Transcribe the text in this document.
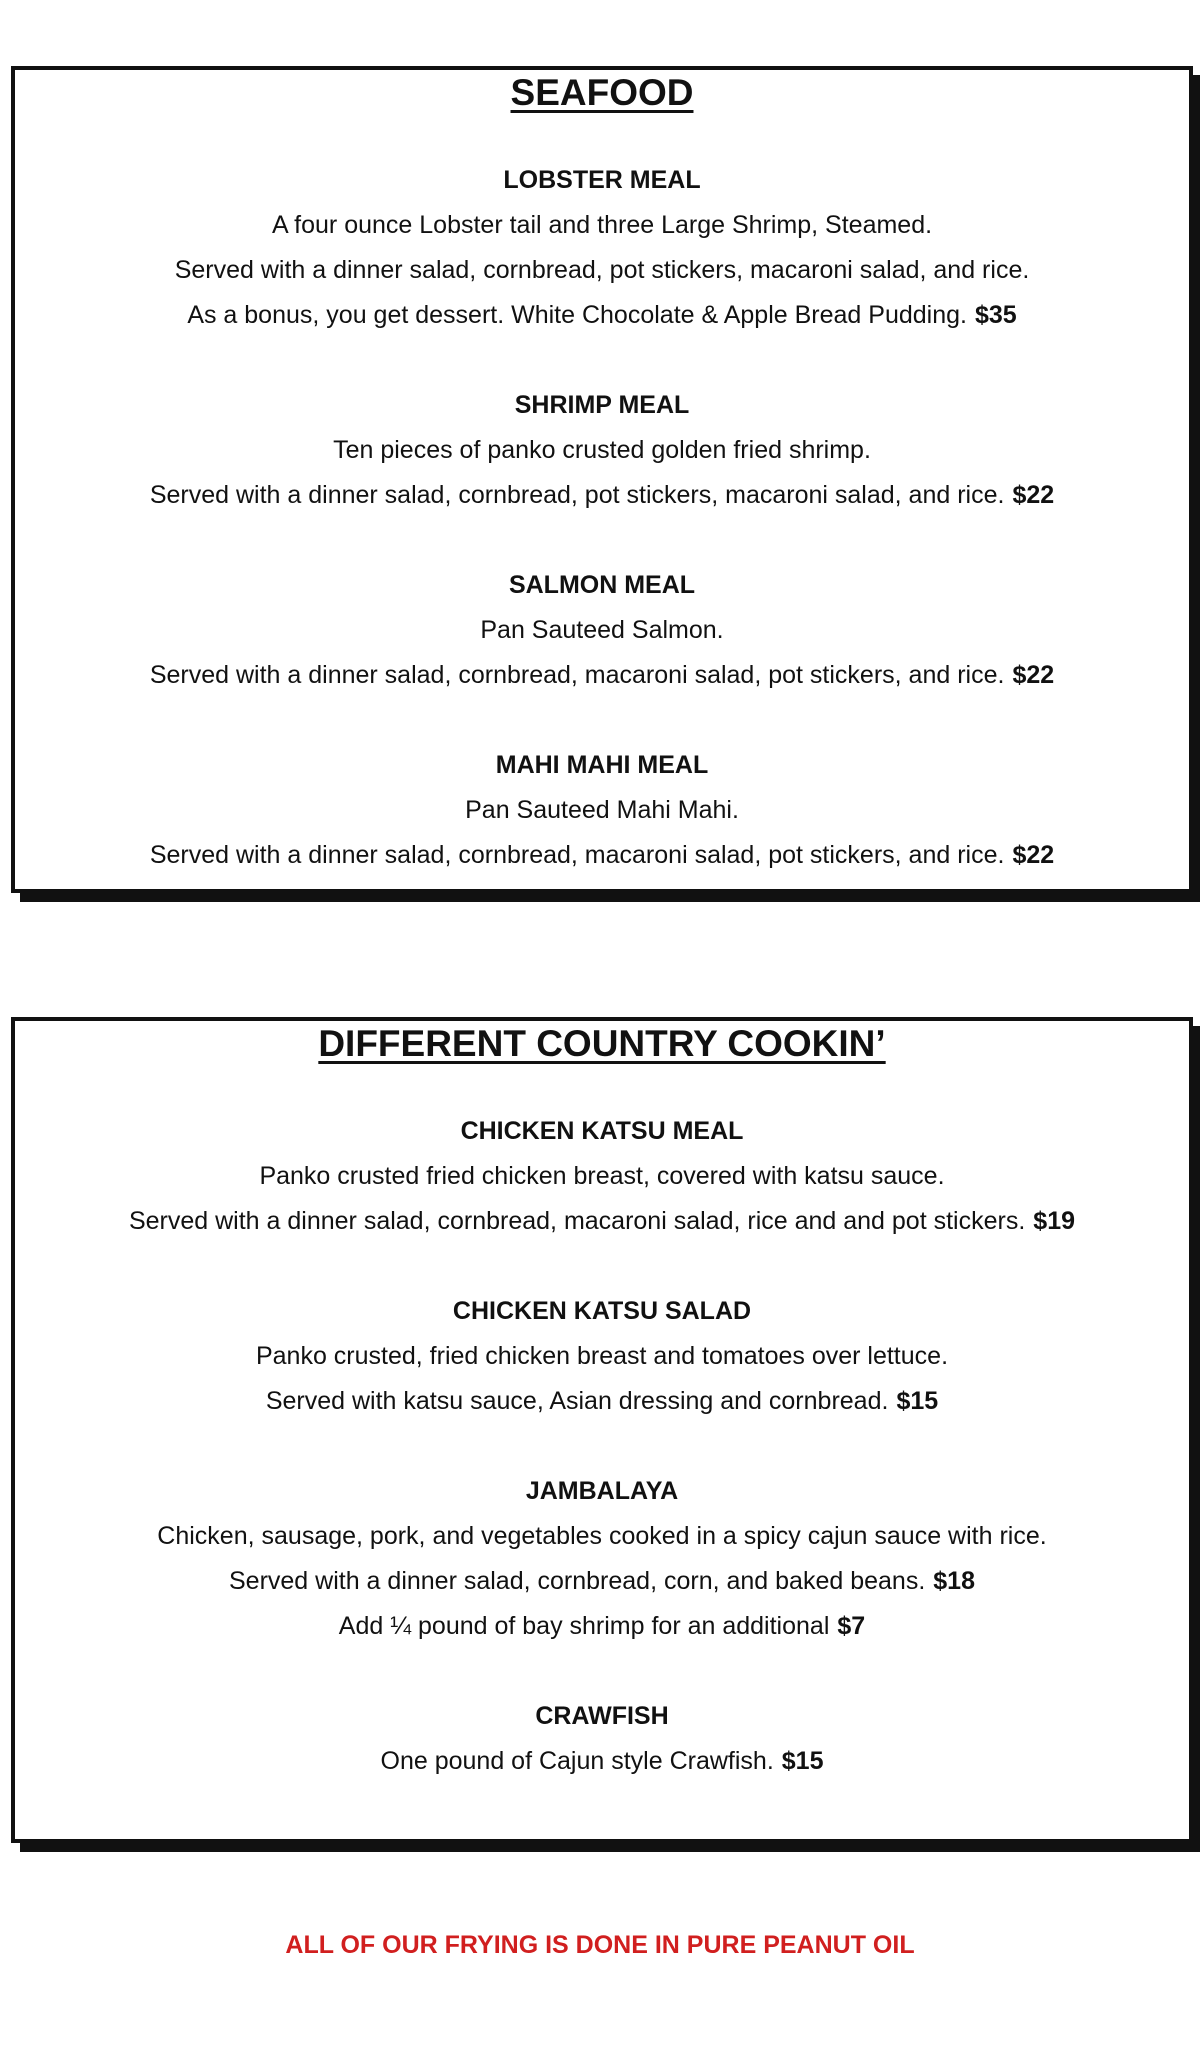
SEAFOOD

LOBSTER MEAL

A four ounce Lobster tail and three Large Shrimp, Steamed.

Served with a dinner salad, cornbread, pot stickers, macaroni salad, and rice.

As a bonus, you get dessert. White Chocolate & Apple Bread Pudding. $35

SHRIMP MEAL

Ten pieces of panko crusted golden fried shrimp.

Served with a dinner salad, cornbread, pot stickers, macaroni salad, and rice. $22

SALMON MEAL

Pan Sauteed Salmon.

Served with a dinner salad, cornbread, macaroni salad, pot stickers, and rice. $22

MAHI MAHI MEAL

Pan Sauteed Mahi Mahi.

Served with a dinner salad, cornbread, macaroni salad, pot stickers, and rice. $22

DIFFERENT COUNTRY COOKIN’

CHICKEN KATSU MEAL

Panko crusted fried chicken breast, covered with katsu sauce.

Served with a dinner salad, cornbread, macaroni salad, rice and and pot stickers. $19

CHICKEN KATSU SALAD

Panko crusted, fried chicken breast and tomatoes over lettuce.

Served with katsu sauce, Asian dressing and cornbread. $15

JAMBALAYA

Chicken, sausage, pork, and vegetables cooked in a spicy cajun sauce with rice.

Served with a dinner salad, cornbread, corn, and baked beans. $18

Add ¼ pound of bay shrimp for an additional $7

CRAWFISH

One pound of Cajun style Crawfish. $15

ALL OF OUR FRYING IS DONE IN PURE PEANUT OIL
